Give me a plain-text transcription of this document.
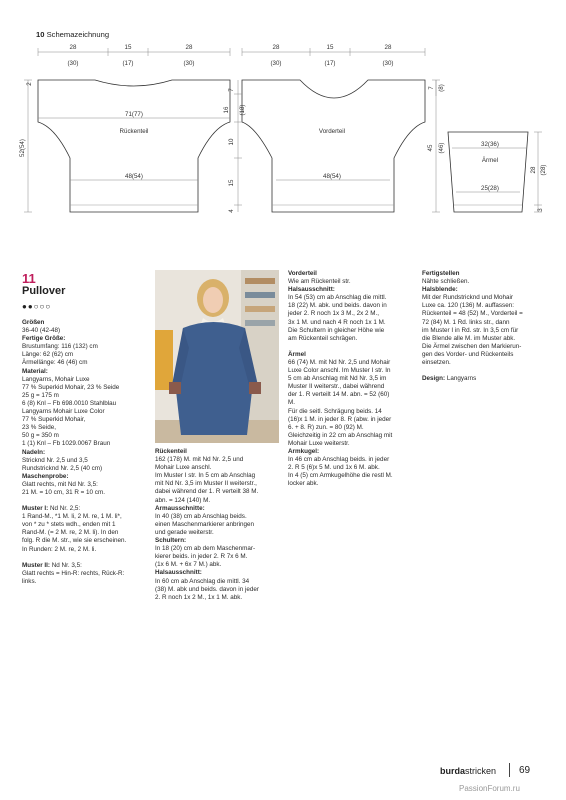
10 Schemazeichnung
28	15	28
(30)	(17)	(30)
28	15	28
(30)	(17)	(30)
71(77)
Rückenteil
48(54)
52(54)
2
7
16 (18)
10
15
4
Vorderteil
48(54)
45 (46)
7 (8)
32(36)
Ärmel
25(28)
28 (28)
3
11
Pullover
●●○○○

Größen

36-40 (42-48)

Fertige Größe:

Brustumfang: 116 (132) cm

Länge: 62 (62) cm

Ärmellänge: 46 (46) cm

Material:

Langyarns, Mohair Luxe

77 % Superkid Mohair, 23 % Seide

25 g = 175 m

6 (8) Knl – Fb 698.0010 Stahlblau

Langyarns Mohair Luxe Color

77 % Superkid Mohair,

23 % Seide,

50 g = 350 m

1 (1) Knl – Fb 1029.0067 Braun

Nadeln:

Stricknd Nr. 2,5 und 3,5

Rundstricknd Nr. 2,5 (40 cm)

Maschenprobe:

Glatt rechts, mit Nd Nr. 3,5:

21 M. = 10 cm, 31 R = 10 cm.

Muster I: Nd Nr. 2,5:

1 Rand-M., *1 M. li, 2 M. re, 1 M. li*,

von * zu * stets wdh., enden mit 1

Rand-M. (= 2 M. re, 2 M. li). In den

folg. R die M. str., wie sie erscheinen.

In Runden: 2 M. re, 2 M. li.

Muster II: Nd Nr. 3,5:

Glatt rechts = Hin-R: rechts, Rück-R:

links.

Rückenteil

162 (178) M. mit Nd Nr. 2,5 und

Mohair Luxe anschl.

Im Muster I str. In 5 cm ab Anschlag

mit Nd Nr. 3,5 im Muster II weiterstr.,

dabei während der 1. R verteilt 38 M.

abn. = 124 (140) M.

Armausschnitte:

In 40 (38) cm ab Anschlag beids.

einen Maschenmarkierer anbringen

und gerade weiterstr.

Schultern:

In 18 (20) cm ab dem Maschenmar-

kierer beids. in jeder 2. R 7x 6 M.

(1x 6 M. + 6x 7 M.) abk.

Halsausschnitt:

In 60 cm ab Anschlag die mittl. 34

(38) M. abk und beids. davon in jeder

2. R noch 1x 2 M., 1x 1 M. abk.

Vorderteil

Wie am Rückenteil str.

Halsausschnitt:

In 54 (53) cm ab Anschlag die mittl.

18 (22) M. abk. und beids. davon in

jeder 2. R noch 1x 3 M., 2x 2 M.,

3x 1 M. und nach 4 R noch 1x 1 M.

Die Schultern in gleicher Höhe wie

am Rückenteil schrägen.

Ärmel

66 (74) M. mit Nd Nr. 2,5 und Mohair

Luxe Color anschl. Im Muster I str. In

5 cm ab Anschlag mit Nd Nr. 3,5 im

Muster II weiterstr., dabei während

der 1. R verteilt 14 M. abn. = 52 (60)

M.

Für die seitl. Schrägung beids. 14

(16)x 1 M. in jeder 8. R (abw. in jeder

6. + 8. R) zun. = 80 (92) M.

Gleichzeitig in 22 cm ab Anschlag mit

Mohair Luxe weiterstr.

Armkugel:

In 46 cm ab Anschlag beids. in jeder

2. R 5 (6)x 5 M. und 1x 6 M. abk.

In 4 (5) cm Armkugelhöhe die restl M.

locker abk.

Fertigstellen

Nähte schließen.

Halsblende:

Mit der Rundstricknd und Mohair

Luxe ca. 120 (136) M. auffassen:

Rückenteil = 48 (52) M., Vorderteil =

72 (84) M. 1 Rd. links str., dann

im Muster I in Rd. str. In 3,5 cm für

die Blende alle M. im Muster abk.

Die Ärmel zwischen den Markierun-

gen des Vorder- und Rückenteils

einsetzen.

Design: Langyarns

burdastricken 69
PassionForum.ru
